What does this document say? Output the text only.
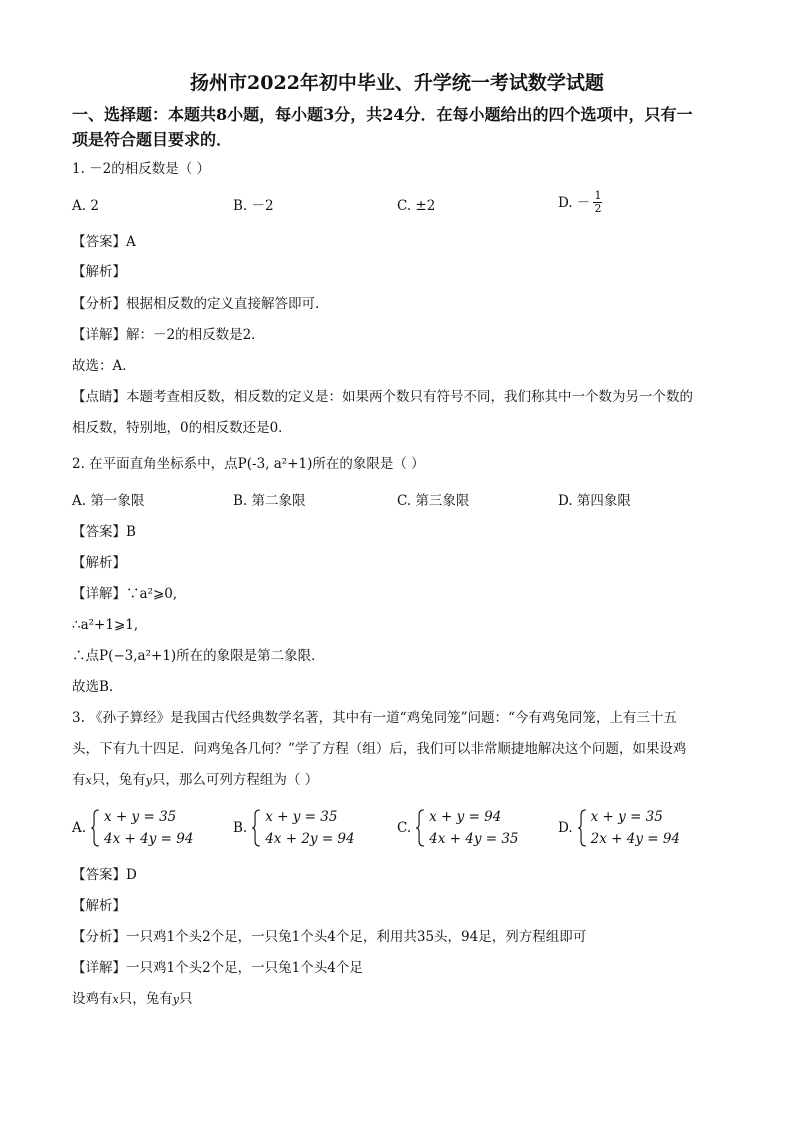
扬州市2022年初中毕业、升学统一考试数学试题
一、选择题：本题共8小题，每小题3分，共24分．在每小题给出的四个选项中，只有一
项是符合题目要求的．
1. －2的相反数是（ ）
A. 2	B. －2	C. ±2	D. － $\frac{1}{2}$
【答案】A
【解析】
【分析】根据相反数的定义直接解答即可.
【详解】解：－2的相反数是2．
故选：A．
【点睛】本题考查相反数，相反数的定义是：如果两个数只有符号不同，我们称其中一个数为另一个数的
相反数，特别地，0的相反数还是0．
2. 在平面直角坐标系中，点P(-3, a²+1)所在的象限是（ ）
A. 第一象限	B. 第二象限	C. 第三象限	D. 第四象限
【答案】B
【解析】
【详解】∵a²⩾0,
∴a²+1⩾1,
∴点P(−3,a²+1)所在的象限是第二象限．
故选B.
3. 《孙子算经》是我国古代经典数学名著，其中有一道“鸡兔同笼”问题：“今有鸡兔同笼，上有三十五
头，下有九十四足．问鸡兔各几何？”学了方程（组）后，我们可以非常顺捷地解决这个问题，如果设鸡
有x只，兔有y只，那么可列方程组为（ ）
A.
x + y = 35
4x + 4y = 94
B.
x + y = 35
4x + 2y = 94
C.
x + y = 94
4x + 4y = 35
D.
x + y = 35
2x + 4y = 94
【答案】D
【解析】
【分析】一只鸡1个头2个足，一只兔1个头4个足，利用共35头，94足，列方程组即可
【详解】一只鸡1个头2个足，一只兔1个头4个足
设鸡有x只，兔有y只
